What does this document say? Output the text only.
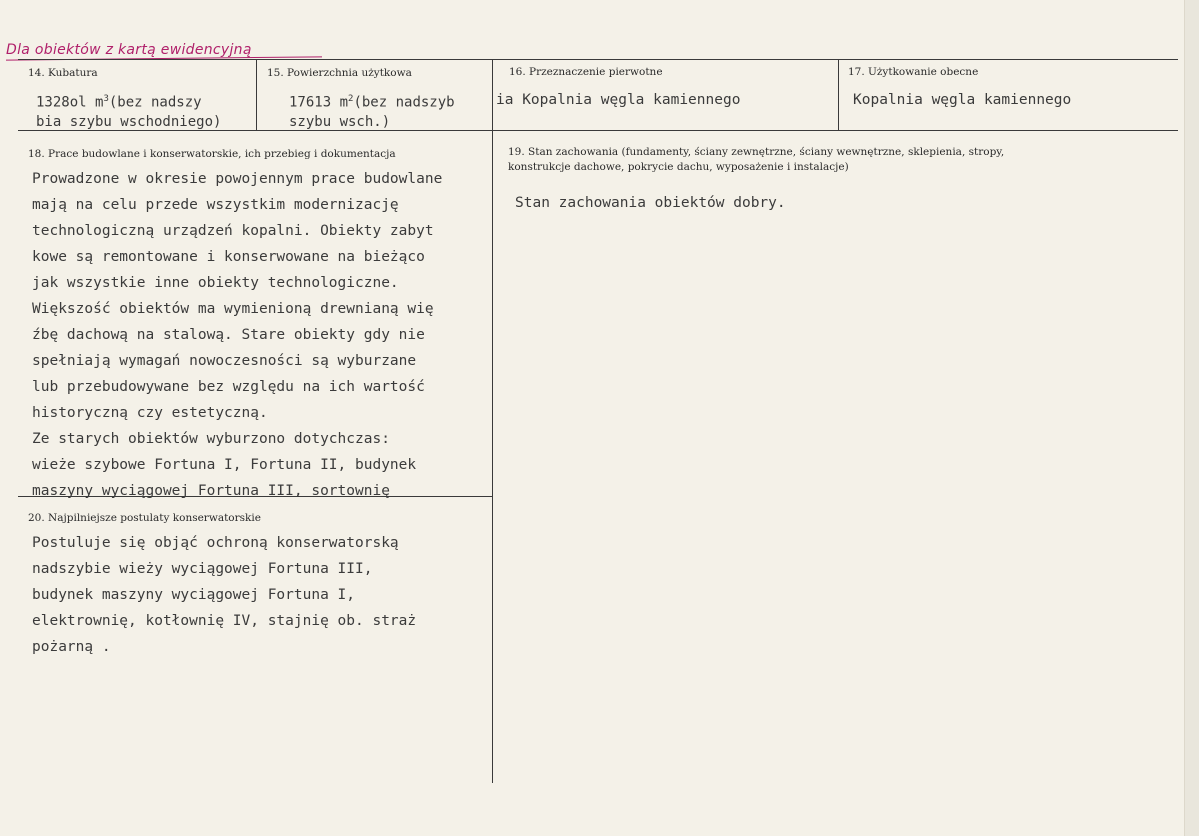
Dla obiektów z kartą ewidencyjną
14. Kubatura
1328ol $m^3(bez$ nadszy
bia szybu wschodniego)
15. Powierzchnia użytkowa
17613 $m^2(bez$ nadszyb
szybu wsch.)
16. Przeznaczenie pierwotne
ia Kopalnia węgla kamiennego
17. Użytkowanie obecne
Kopalnia węgla kamiennego
18. Prace budowlane i konserwatorskie, ich przebieg i dokumentacja
Prowadzone w okresie powojennym prace budowlane
mają na celu przede wszystkim modernizację
technologiczną urządzeń kopalni. Obiekty zabyt
kowe są remontowane i konserwowane na bieżąco
jak wszystkie inne obiekty technologiczne.
Większość obiektów ma wymienioną drewnianą wię
źbę dachową na stalową. Stare obiekty gdy nie
spełniają wymagań nowoczesności są wyburzane
lub przebudowywane bez względu na ich wartość
historyczną czy estetyczną.
Ze starych obiektów wyburzono dotychczas:
wieże szybowe Fortuna I, Fortuna II, budynek
maszyny wyciągowej Fortuna III, sortownię
19. Stan zachowania (fundamenty, ściany zewnętrzne, ściany wewnętrzne, sklepienia, stropy,
konstrukcje dachowe, pokrycie dachu, wyposażenie i instalacje)
Stan zachowania obiektów dobry.
20. Najpilniejsze postulaty konserwatorskie
Postuluje się objąć ochroną konserwatorską
nadszybie wieży wyciągowej Fortuna III,
budynek maszyny wyciągowej Fortuna I,
elektrownię, kotłownię IV, stajnię ob. straż
pożarną .
